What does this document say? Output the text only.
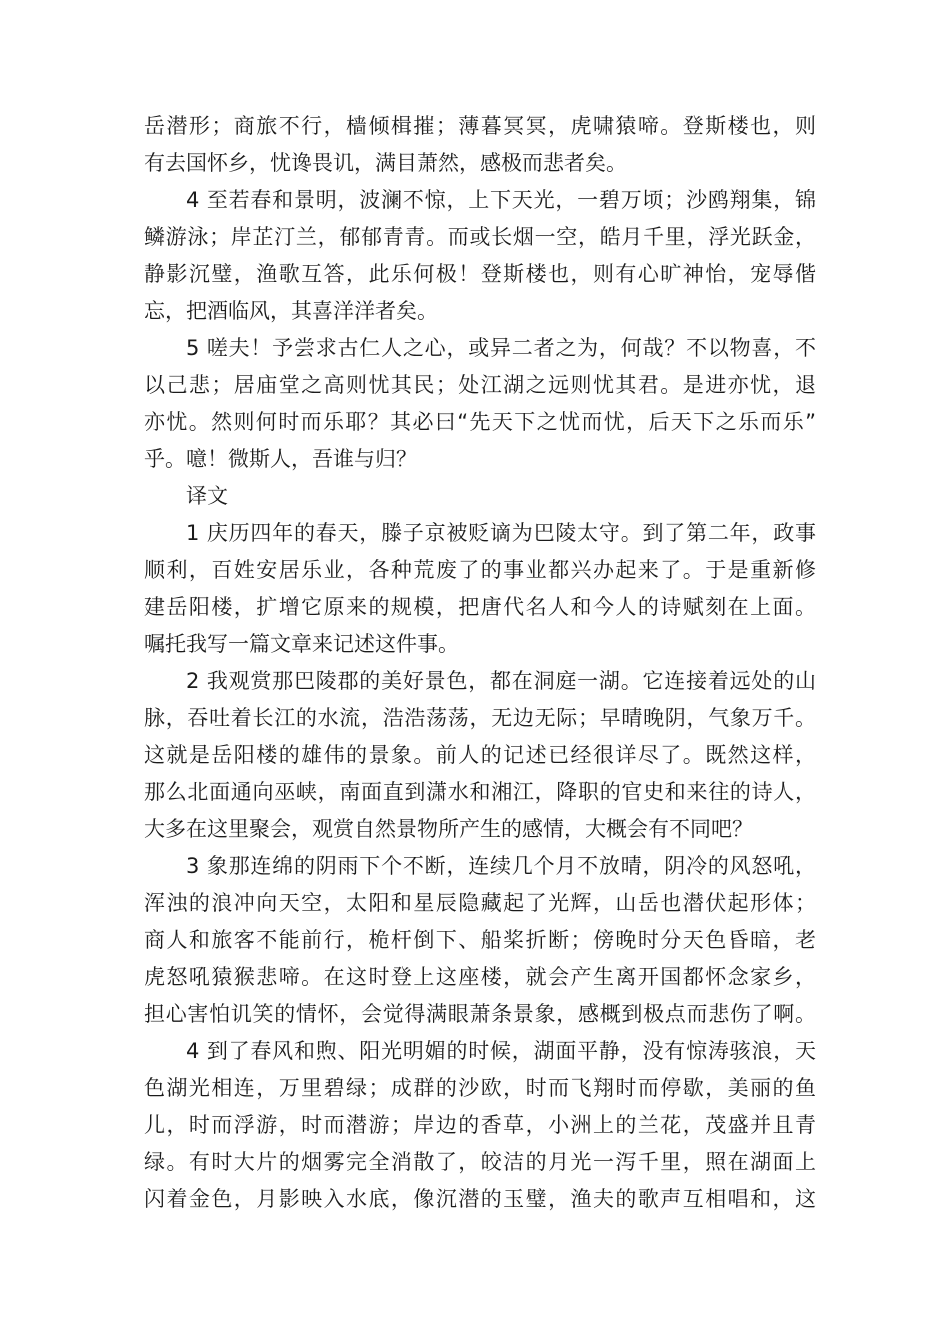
岳潜形；商旅不行，樯倾楫摧；薄暮冥冥，虎啸猿啼。登斯楼也，则
有去国怀乡，忧谗畏讥，满目萧然，感极而悲者矣。
4 至若春和景明，波澜不惊，上下天光，一碧万顷；沙鸥翔集，锦
鳞游泳；岸芷汀兰，郁郁青青。而或长烟一空，皓月千里，浮光跃金，
静影沉璧，渔歌互答，此乐何极！登斯楼也，则有心旷神怡，宠辱偕
忘，把酒临风，其喜洋洋者矣。
5 嗟夫！予尝求古仁人之心，或异二者之为，何哉？不以物喜，不
以己悲；居庙堂之高则忧其民；处江湖之远则忧其君。是进亦忧，退
亦忧。然则何时而乐耶？其必曰“先天下之忧而忧，后天下之乐而乐”
乎。噫！微斯人，吾谁与归？
译文
1 庆历四年的春天，滕子京被贬谪为巴陵太守。到了第二年，政事
顺利，百姓安居乐业，各种荒废了的事业都兴办起来了。于是重新修
建岳阳楼，扩增它原来的规模，把唐代名人和今人的诗赋刻在上面。
嘱托我写一篇文章来记述这件事。
2 我观赏那巴陵郡的美好景色，都在洞庭一湖。它连接着远处的山
脉，吞吐着长江的水流，浩浩荡荡，无边无际；早晴晚阴，气象万千。
这就是岳阳楼的雄伟的景象。前人的记述已经很详尽了。既然这样，
那么北面通向巫峡，南面直到潇水和湘江，降职的官史和来往的诗人，
大多在这里聚会，观赏自然景物所产生的感情，大概会有不同吧？
3 象那连绵的阴雨下个不断，连续几个月不放晴，阴冷的风怒吼，
浑浊的浪冲向天空，太阳和星辰隐藏起了光辉，山岳也潜伏起形体；
商人和旅客不能前行，桅杆倒下、船桨折断；傍晚时分天色昏暗，老
虎怒吼猿猴悲啼。在这时登上这座楼，就会产生离开国都怀念家乡，
担心害怕讥笑的情怀，会觉得满眼萧条景象，感概到极点而悲伤了啊。
4 到了春风和煦、阳光明媚的时候，湖面平静，没有惊涛骇浪，天
色湖光相连，万里碧绿；成群的沙欧，时而飞翔时而停歇，美丽的鱼
儿，时而浮游，时而潜游；岸边的香草，小洲上的兰花，茂盛并且青
绿。有时大片的烟雾完全消散了，皎洁的月光一泻千里，照在湖面上
闪着金色，月影映入水底，像沉潜的玉璧，渔夫的歌声互相唱和，这
